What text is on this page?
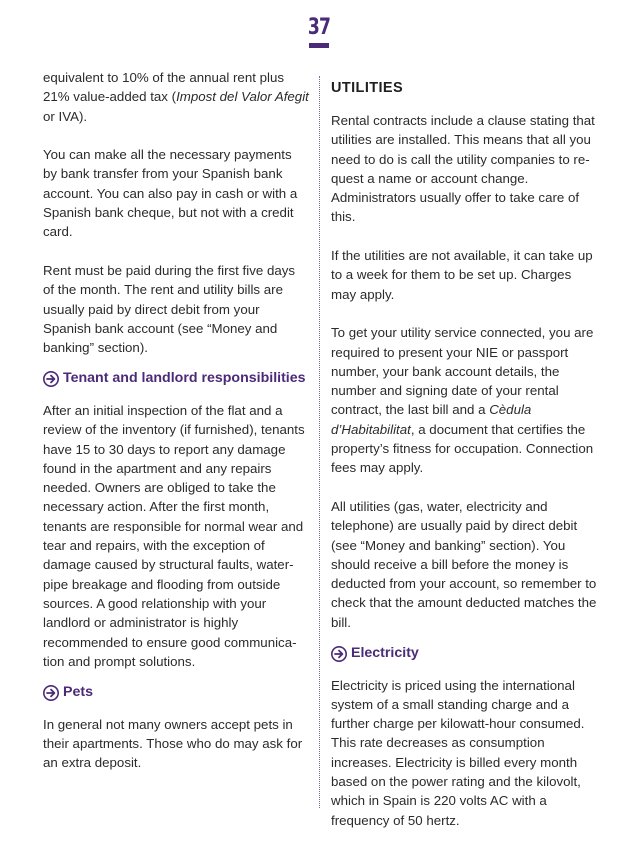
37

equivalent to 10% of the annual rent plus 21% value-added tax (Impost del Valor Afegit or IVA).

You can make all the necessary payments by bank transfer from your Spanish bank account. You can also pay in cash or with a Spanish bank cheque, but not with a credit card.

Rent must be paid during the first five days of the month. The rent and utility bills are usually paid by direct debit from your Spanish bank account (see “Money and banking” section).

Tenant and landlord responsibilities

After an initial inspection of the flat and a review of the inventory (if furnished), tenants have 15 to 30 days to report any damage found in the apartment and any repairs needed. Owners are obliged to take the necessary action. After the first month, tenants are responsible for normal wear and tear and repairs, with the exception of damage caused by structural faults, water-pipe breakage and flooding from outside sources. A good relationship with your landlord or administrator is highly recommended to ensure good communication and prompt solutions.

Pets

In general not many owners accept pets in their apartments. Those who do may ask for an extra deposit.

UTILITIES

Rental contracts include a clause stating that utilities are installed. This means that all you need to do is call the utility companies to request a name or account change. Administrators usually offer to take care of this.

If the utilities are not available, it can take up to a week for them to be set up. Charges may apply.

To get your utility service connected, you are required to present your NIE or passport number, your bank account details, the number and signing date of your rental contract, the last bill and a Cèdula d’Habitabilitat, a document that certifies the property’s fitness for occupation. Connection fees may apply.

All utilities (gas, water, electricity and telephone) are usually paid by direct debit (see “Money and banking” section). You should receive a bill before the money is deducted from your account, so remember to check that the amount deducted matches the bill.

Electricity

Electricity is priced using the international system of a small standing charge and a further charge per kilowatt-hour consumed. This rate decreases as consumption increases. Electricity is billed every month based on the power rating and the kilovolt, which in Spain is 220 volts AC with a frequency of 50 hertz.
